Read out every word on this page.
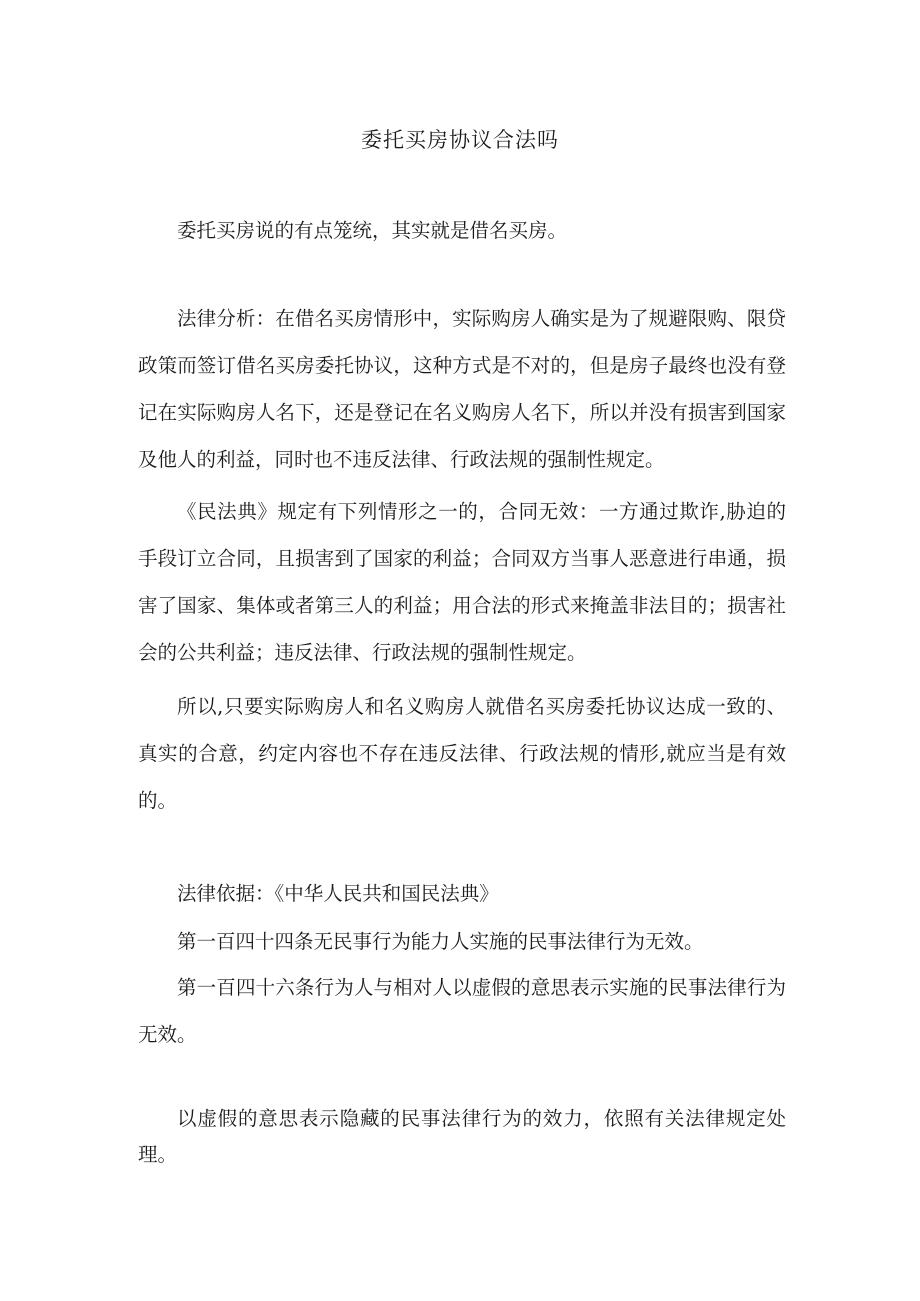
委托买房协议合法吗

委托买房说的有点笼统，其实就是借名买房。

法律分析：在借名买房情形中，实际购房人确实是为了规避限购、限贷政策而签订借名买房委托协议，这种方式是不对的，但是房子最终也没有登记在实际购房人名下，还是登记在名义购房人名下，所以并没有损害到国家及他人的利益，同时也不违反法律、行政法规的强制性规定。

《民法典》规定有下列情形之一的，合同无效：一方通过欺诈,胁迫的手段订立合同，且损害到了国家的利益；合同双方当事人恶意进行串通，损害了国家、集体或者第三人的利益；用合法的形式来掩盖非法目的；损害社会的公共利益；违反法律、行政法规的强制性规定。

所以,只要实际购房人和名义购房人就借名买房委托协议达成一致的、真实的合意，约定内容也不存在违反法律、行政法规的情形,就应当是有效的。

法律依据：《中华人民共和国民法典》

第一百四十四条无民事行为能力人实施的民事法律行为无效。

第一百四十六条行为人与相对人以虚假的意思表示实施的民事法律行为无效。

以虚假的意思表示隐藏的民事法律行为的效力，依照有关法律规定处理。
